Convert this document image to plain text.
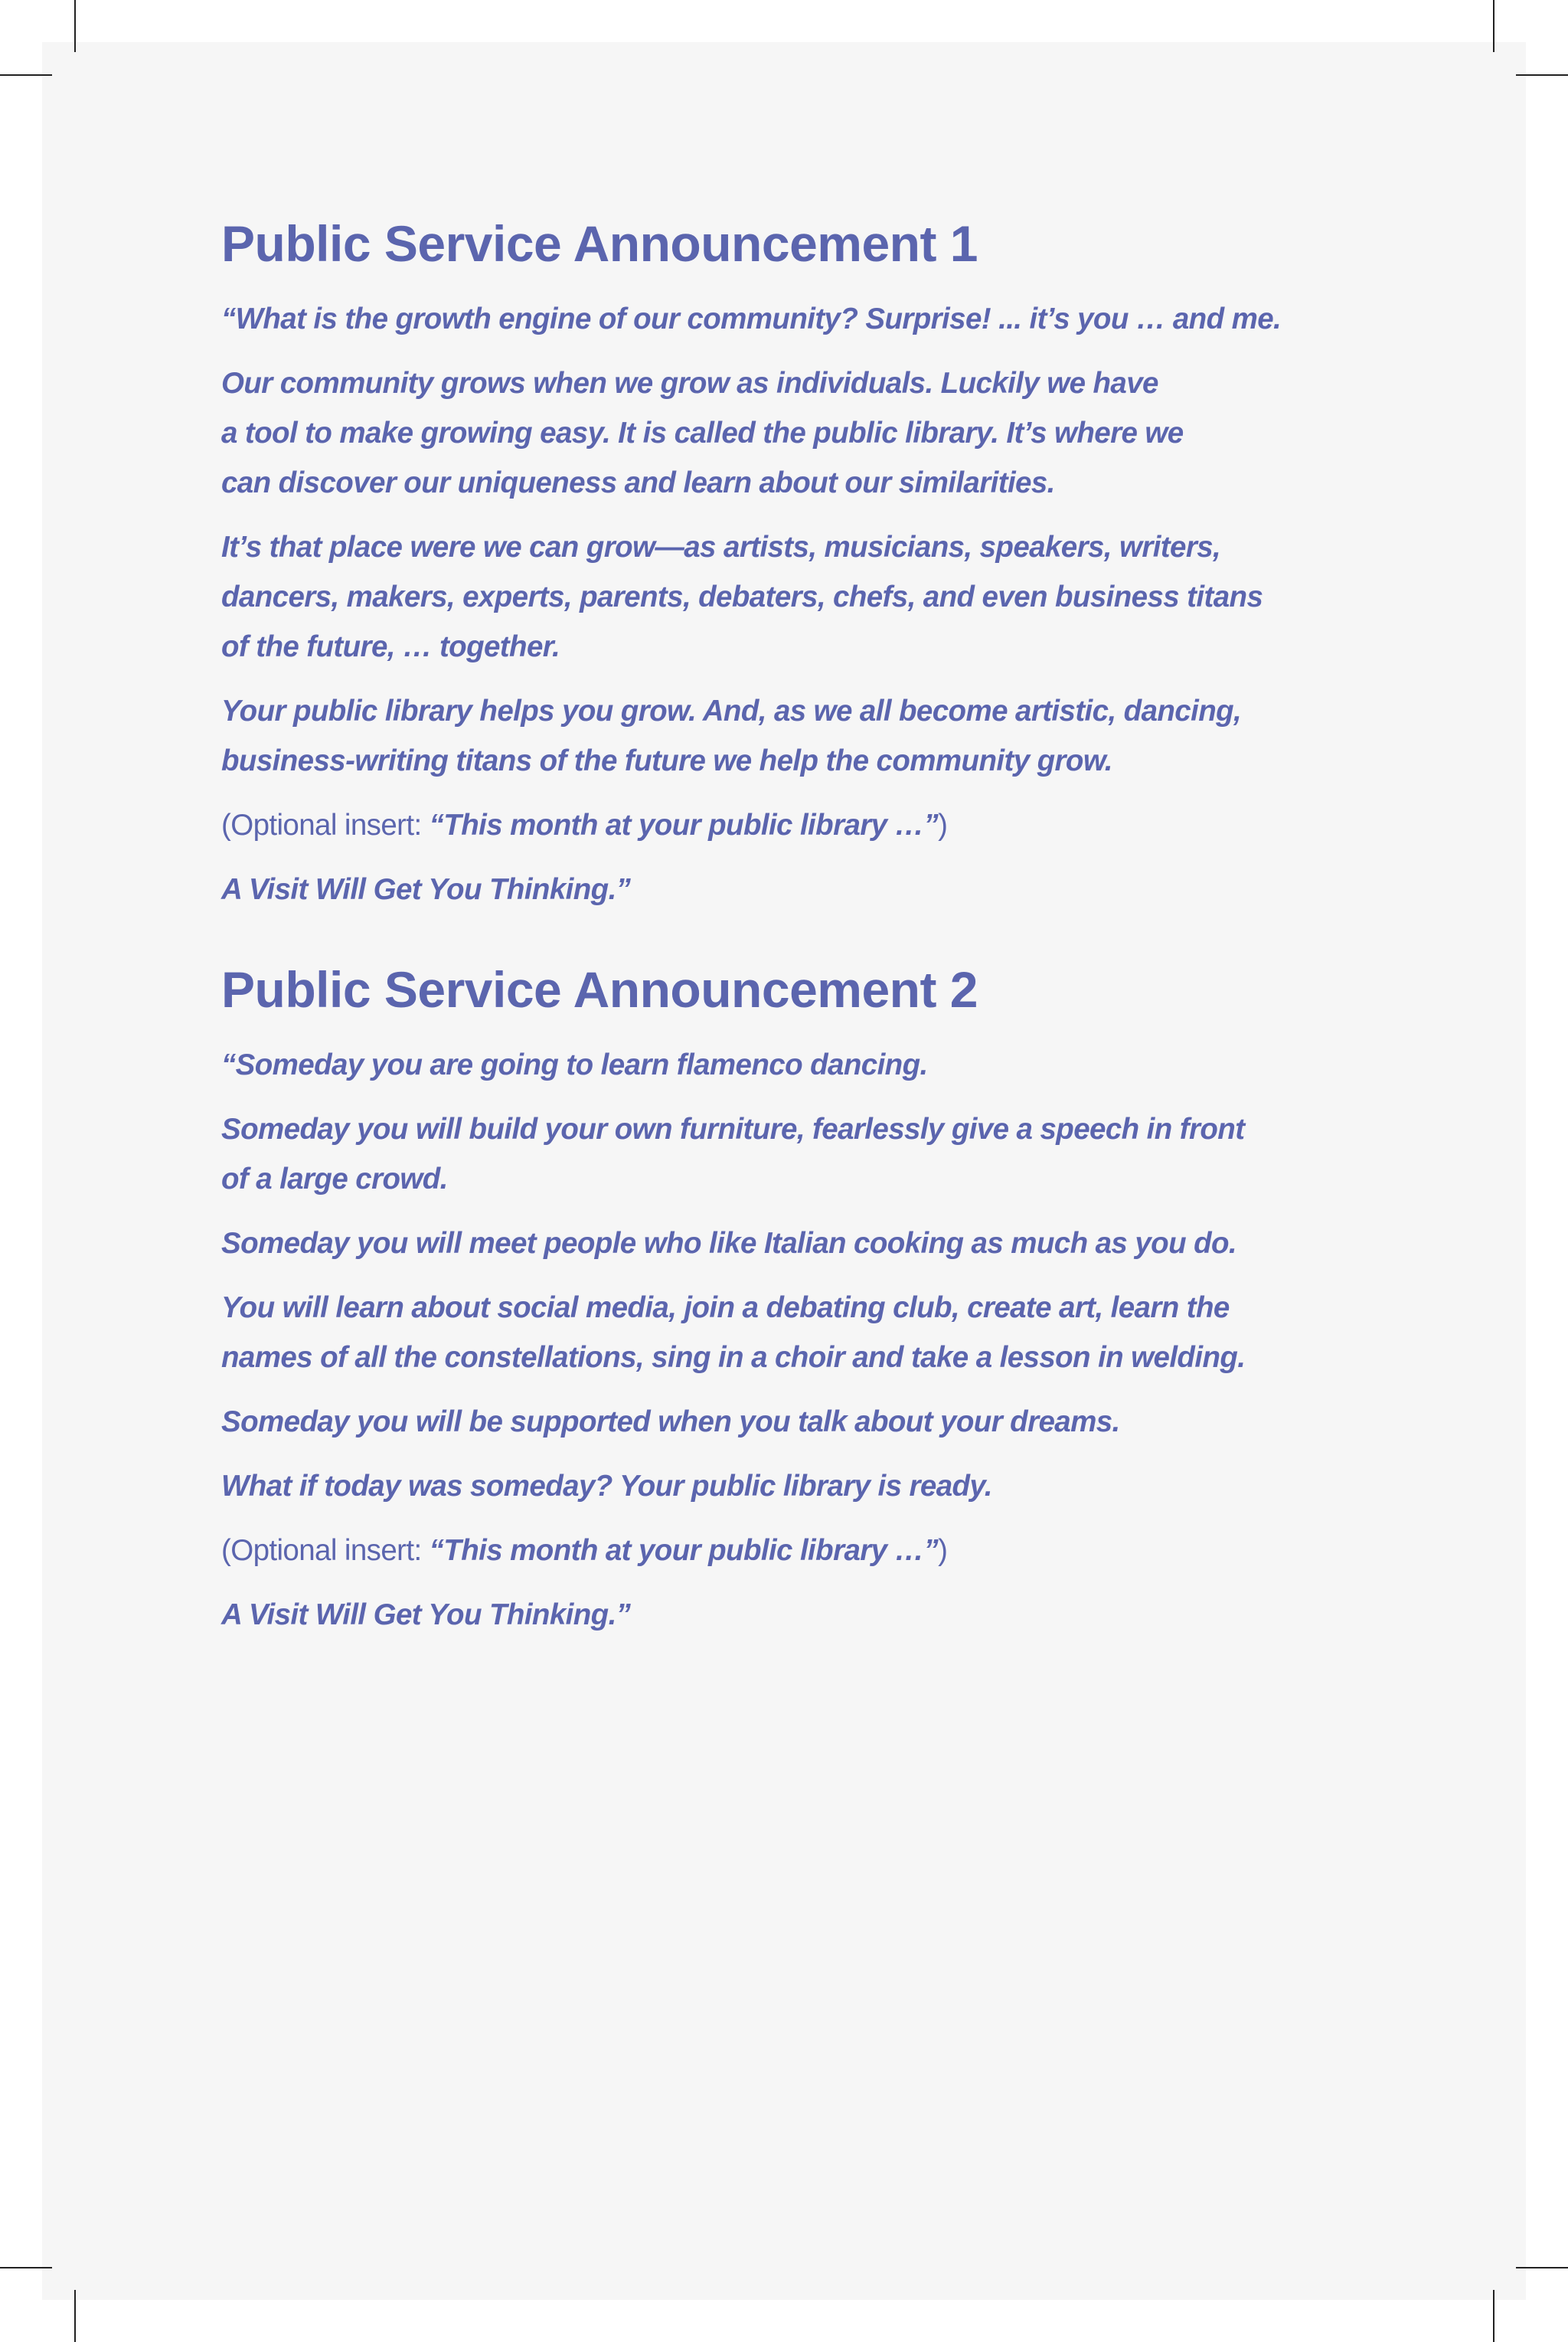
Public Service Announcement 1

“What is the growth engine of our community? Surprise! ... it’s you … and me.

Our community grows when we grow as individuals. Luckily we have
a tool to make growing easy. It is called the public library. It’s where we
can discover our uniqueness and learn about our similarities.

It’s that place were we can grow—as artists, musicians, speakers, writers,
dancers, makers, experts, parents, debaters, chefs, and even business titans
of the future, … together.

Your public library helps you grow. And, as we all become artistic, dancing,
business-writing titans of the future we help the community grow.

(Optional insert: “This month at your public library …”)

A Visit Will Get You Thinking.”

Public Service Announcement 2

“Someday you are going to learn flamenco dancing.

Someday you will build your own furniture, fearlessly give a speech in front
of a large crowd.

Someday you will meet people who like Italian cooking as much as you do.

You will learn about social media, join a debating club, create art, learn the
names of all the constellations, sing in a choir and take a lesson in welding.

Someday you will be supported when you talk about your dreams.

What if today was someday? Your public library is ready.

(Optional insert: “This month at your public library …”)

A Visit Will Get You Thinking.”
